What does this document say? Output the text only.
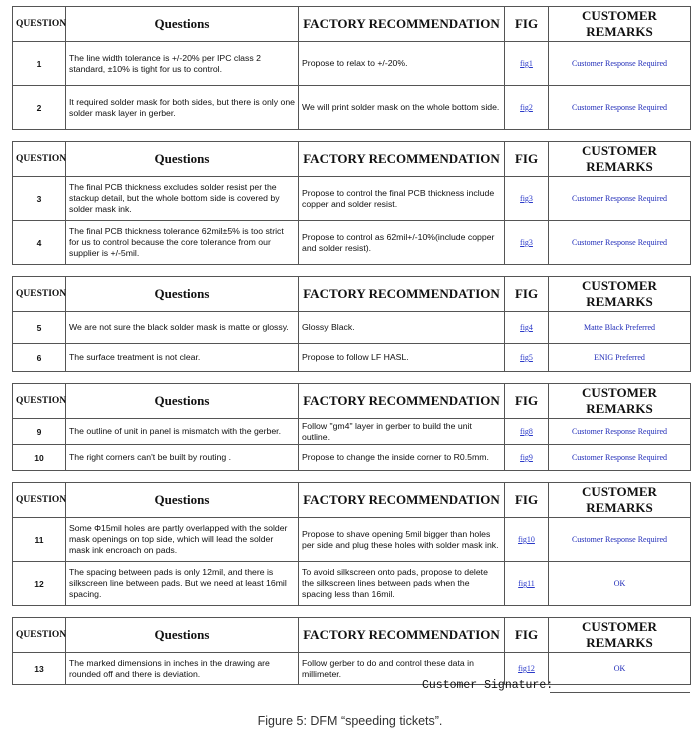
QUESTION	Questions	FACTORY RECOMMENDATION	FIG	CUSTOMER REMARKS
1	The line width tolerance is +/-20% per IPC class 2 standard, ±10% is tight for us to control.	Propose to relax to +/-20%.	fig1	Customer Response Required
2	It required solder mask for both sides, but there is only one solder mask layer in gerber.	We will print solder mask on the whole bottom side.	fig2	Customer Response Required
QUESTION	Questions	FACTORY RECOMMENDATION	FIG	CUSTOMER REMARKS
3	The final PCB thickness excludes solder resist per the stackup detail, but the whole bottom side is covered by solder mask ink.	Propose to control the final PCB thickness include copper and solder resist.	fig3	Customer Response Required
4	The final PCB thickness tolerance 62mil±5% is too strict for us to control because the core tolerance from our supplier is +/-5mil.	Propose to control as 62mil+/-10%(include copper and solder resist).	fig3	Customer Response Required
QUESTION	Questions	FACTORY RECOMMENDATION	FIG	CUSTOMER REMARKS
5	We are not sure the black solder mask is matte or glossy.	Glossy Black.	fig4	Matte Black Preferred
6	The surface treatment is not clear.	Propose to follow LF HASL.	fig5	ENIG Preferred
QUESTION	Questions	FACTORY RECOMMENDATION	FIG	CUSTOMER REMARKS
9	The outline of unit in panel is mismatch with the gerber.	Follow "gm4" layer in gerber to build the unit outline.	fig8	Customer Response Required
10	The right corners can't be built by routing .	Propose to change the inside corner to R0.5mm.	fig9	Customer Response Required
QUESTION	Questions	FACTORY RECOMMENDATION	FIG	CUSTOMER REMARKS
11	Some Φ15mil holes are partly overlapped with the solder mask openings on top side, which will lead the solder mask ink encroach on pads.	Propose to shave opening 5mil bigger than holes per side and plug these holes with solder mask ink.	fig10	Customer Response Required
12	The spacing between pads is only 12mil, and there is silkscreen line between pads. But we need at least 16mil spacing.	To avoid silkscreen onto pads, propose to delete the silkscreen lines between pads when the spacing less than 16mil.	fig11	OK
QUESTION	Questions	FACTORY RECOMMENDATION	FIG	CUSTOMER REMARKS
13	The marked dimensions in inches in the drawing are rounded off and there is deviation.	Follow gerber to do and control these data in millimeter.	fig12	OK
Customer Signature:
Figure 5: DFM “speeding tickets”.
